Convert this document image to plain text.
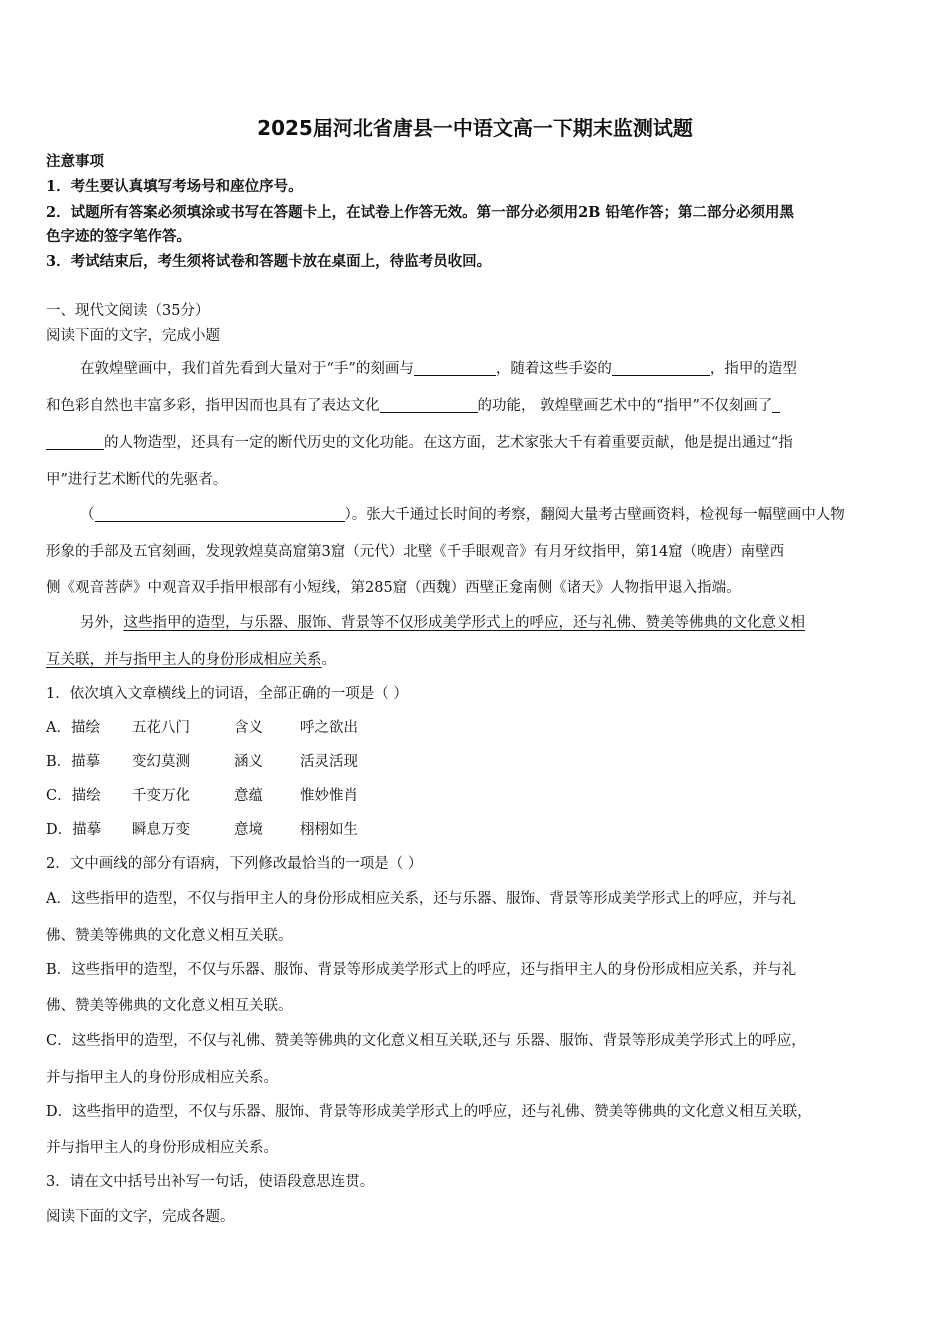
2025届河北省唐县一中语文高一下期末监测试题
注意事项
1．考生要认真填写考场号和座位序号。
2．试题所有答案必须填涂或书写在答题卡上，在试卷上作答无效。第一部分必须用2B 铅笔作答；第二部分必须用黑
色字迹的签字笔作答。
3．考试结束后，考生须将试卷和答题卡放在桌面上，待监考员收回。
一、现代文阅读（35分）
阅读下面的文字，完成小题
在敦煌壁画中，我们首先看到大量对于“手”的刻画与	，随着这些手姿的	，指甲的造型
和色彩自然也丰富多彩，指甲因而也具有了表达文化	的功能， 敦煌壁画艺术中的“指甲”不仅刻画了
的人物造型，还具有一定的断代历史的文化功能。在这方面，艺术家张大千有着重要贡献，他是提出通过“指
甲”进行艺术断代的先驱者。
（	）。张大千通过长时间的考察，翻阅大量考古壁画资料，检视每一幅壁画中人物
形象的手部及五官刻画，发现敦煌莫高窟第3窟（元代）北壁《千手眼观音》有月牙纹指甲，第14窟（晚唐）南壁西
侧《观音菩萨》中观音双手指甲根部有小短线，第285窟（西魏）西壁正龛南侧《诸天》人物指甲退入指端。
另外，这些指甲的造型，与乐器、服饰、背景等不仅形成美学形式上的呼应，还与礼佛、赞美等佛典的文化意义相
互关联，并与指甲主人的身份形成相应关系。
1．依次填入文章横线上的词语，全部正确的一项是（ ）
A．描绘 五花八门	含义	呼之欲出
B．描摹 变幻莫测	涵义	活灵活现
C．描绘 千变万化	意蕴	惟妙惟肖
D．描摹 瞬息万变	意境	栩栩如生
2．文中画线的部分有语病，下列修改最恰当的一项是（ ）
A．这些指甲的造型，不仅与指甲主人的身份形成相应关系，还与乐器、服饰、背景等形成美学形式上的呼应，并与礼
佛、赞美等佛典的文化意义相互关联。
B．这些指甲的造型，不仅与乐器、服饰、背景等形成美学形式上的呼应，还与指甲主人的身份形成相应关系，并与礼
佛、赞美等佛典的文化意义相互关联。
C．这些指甲的造型，不仅与礼佛、赞美等佛典的文化意义相互关联,还与 乐器、服饰、背景等形成美学形式上的呼应，
并与指甲主人的身份形成相应关系。
D．这些指甲的造型，不仅与乐器、服饰、背景等形成美学形式上的呼应，还与礼佛、赞美等佛典的文化意义相互关联，
并与指甲主人的身份形成相应关系。
3．请在文中括号出补写一句话，使语段意思连贯。
阅读下面的文字，完成各题。
